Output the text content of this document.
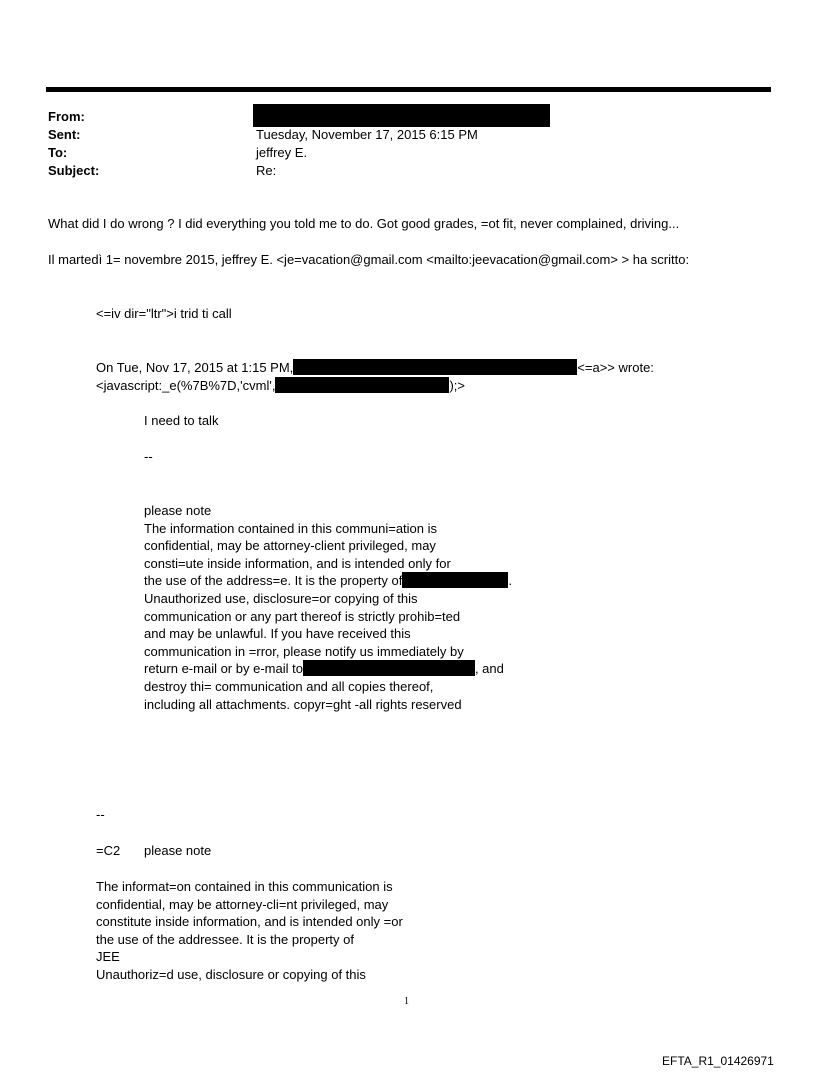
From:
Sent:	Tuesday, November 17, 2015 6:15 PM
To:	jeffrey E.
Subject:	Re:
What did I do wrong ? I did everything you told me to do. Got good grades, =ot fit, never complained, driving...
Il martedì 1= novembre 2015, jeffrey E. <je=vacation@gmail.com <mailto:jeevacation@gmail.com> > ha scritto:
<=iv dir="ltr">i trid ti call
On Tue, Nov 17, 2015 at 1:15 PM,	<=a>> wrote:
<javascript:_e(%7B%7D,'cvml',	);>
I need to talk
--
please note
The information contained in this communi=ation is
confidential, may be attorney-client privileged, may
consti=ute inside information, and is intended only for
the use of the address=e. It is the property of	.
Unauthorized use, disclosure=or copying of this
communication or any part thereof is strictly prohib=ted
and may be unlawful. If you have received this
communication in =rror, please notify us immediately by
return e-mail or by e-mail to	, and
destroy thi= communication and all copies thereof,
including all attachments. copyr=ght -all rights reserved
--
=C2 please note
The informat=on contained in this communication is
confidential, may be attorney-cli=nt privileged, may
constitute inside information, and is intended only =or
the use of the addressee. It is the property of
JEE
Unauthoriz=d use, disclosure or copying of this
1
EFTA_R1_01426971
